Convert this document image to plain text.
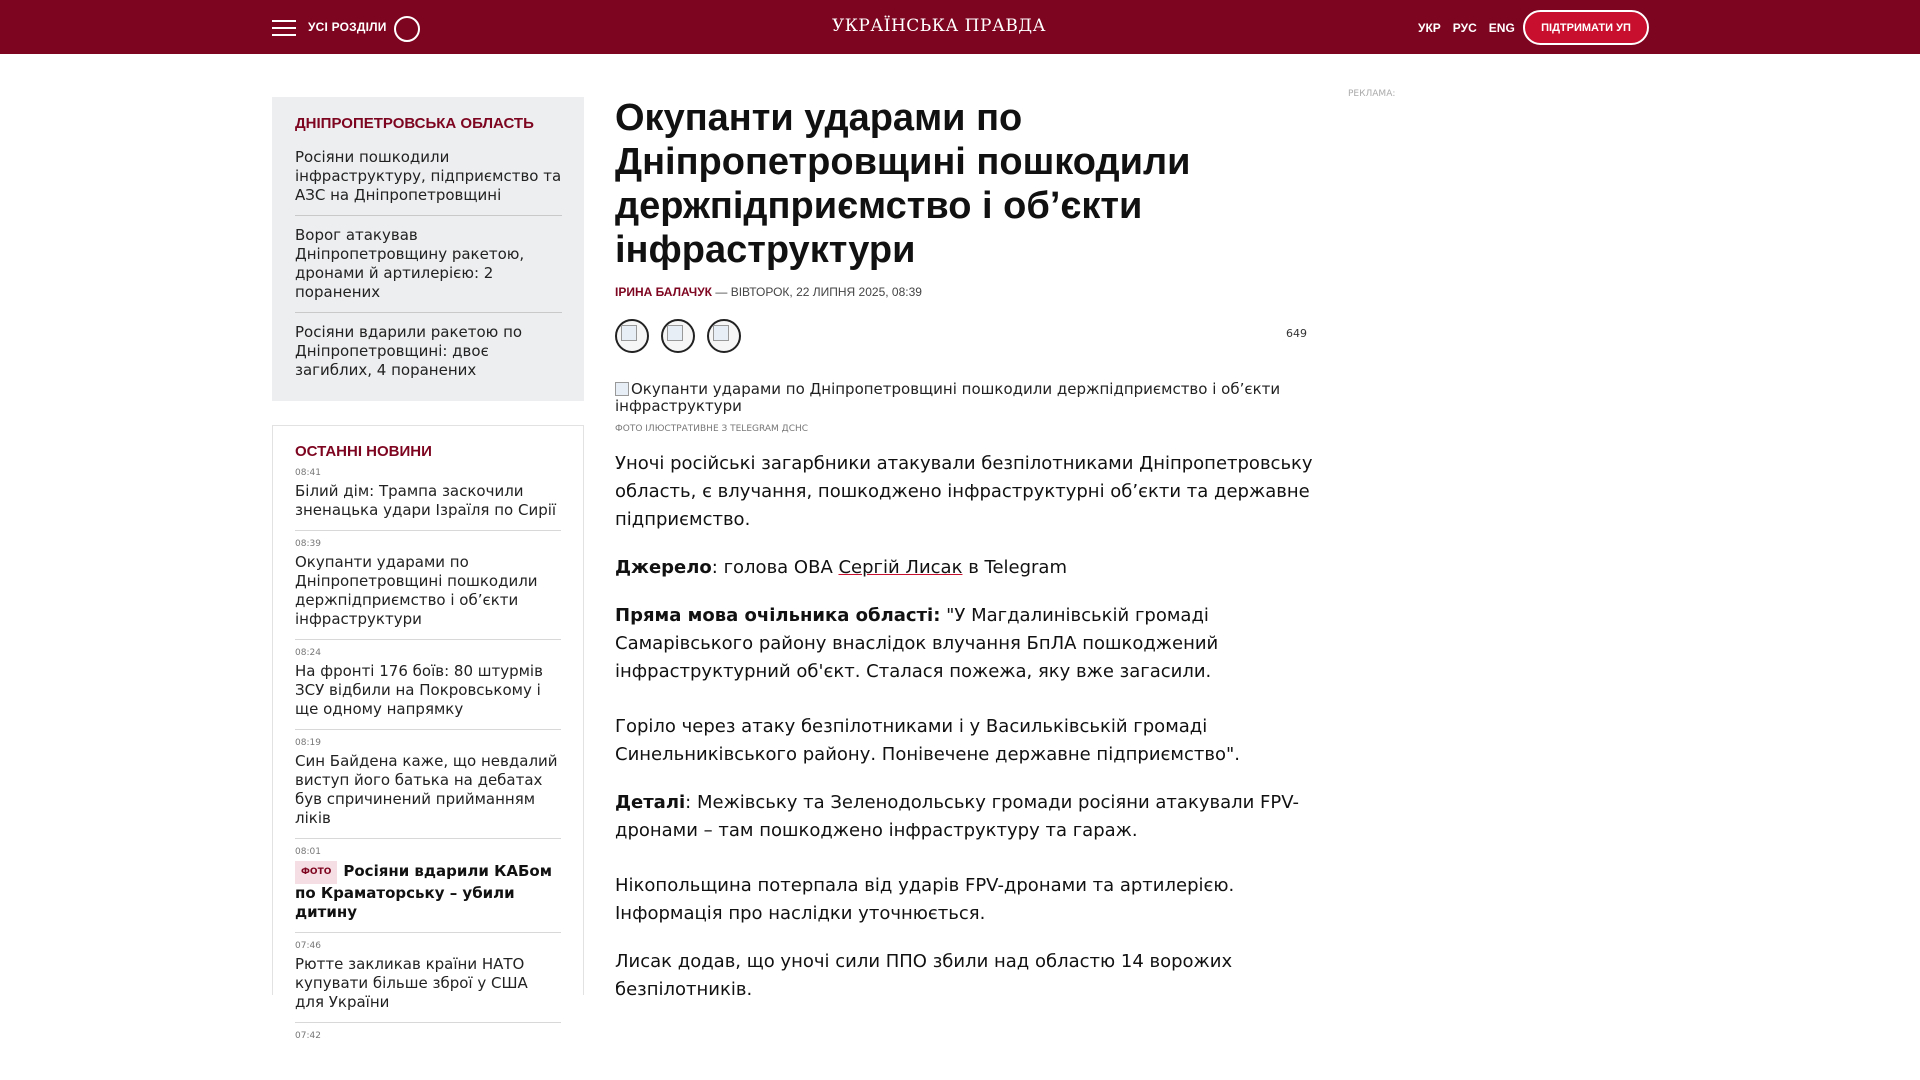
УСІ РОЗДІЛИ	УКРАЇНСЬКА ПРАВДА	УКР РУС ENG	ПІДТРИМАТИ УП
ДНІПРОПЕТРОВСЬКА ОБЛАСТЬ
Росіяни пошкодили інфраструктуру, підприємство та АЗС на Дніпропетровщині
Ворог атакував Дніпропетровщину ракетою, дронами й артилерією: 2 поранених
Росіяни вдарили ракетою по Дніпропетровщині: двоє загиблих, 4 поранених
ОСТАННІ НОВИНИ
08:41
Білий дім: Трампа заскочили зненацька удари Ізраїля по Сирії
08:39
Окупанти ударами по Дніпропетровщині пошкодили держпідприємство і об’єкти інфраструктури
08:24
На фронті 176 боїв: 80 штурмів ЗСУ відбили на Покровському і ще одному напрямку
08:19
Син Байдена каже, що невдалий виступ його батька на дебатах був спричинений прийманням ліків
08:01
ФОТО Росіяни вдарили КАБом по Краматорську – убили дитину
07:46
Рютте закликав країни НАТО купувати більше зброї у США для України
07:42
Окупанти ударами по Дніпропетровщині пошкодили держпідприємство і об’єкти інфраструктури
ІРИНА БАЛАЧУК — ВІВТОРОК, 22 ЛИПНЯ 2025, 08:39
649
Окупанти ударами по Дніпропетровщині пошкодили держпідприємство і об’єкти інфраструктури
ФОТО ІЛЮСТРАТИВНЕ З TELEGRAM ДСНС

Уночі російські загарбники атакували безпілотниками Дніпропетровську область, є влучання, пошкоджено інфраструктурні об’єкти та державне підприємство.

Джерело: голова ОВА Сергій Лисак в Telegram

Пряма мова очільника області: "У Магдалинівській громаді Самарівського району внаслідок влучання БпЛА пошкоджений інфраструктурний об'єкт. Сталася пожежа, яку вже загасили.

Горіло через атаку безпілотниками і у Васильківській громаді Синельниківського району. Понівечене державне підприємство".

Деталі: Межівську та Зеленодольську громади росіяни атакували FPV-дронами – там пошкоджено інфраструктуру та гараж.

Нікопольщина потерпала від ударів FPV-дронами та артилерією. Інформація про наслідки уточнюється.

Лисак додав, що уночі сили ППО збили над областю 14 ворожих безпілотників.

РЕКЛАМА:
